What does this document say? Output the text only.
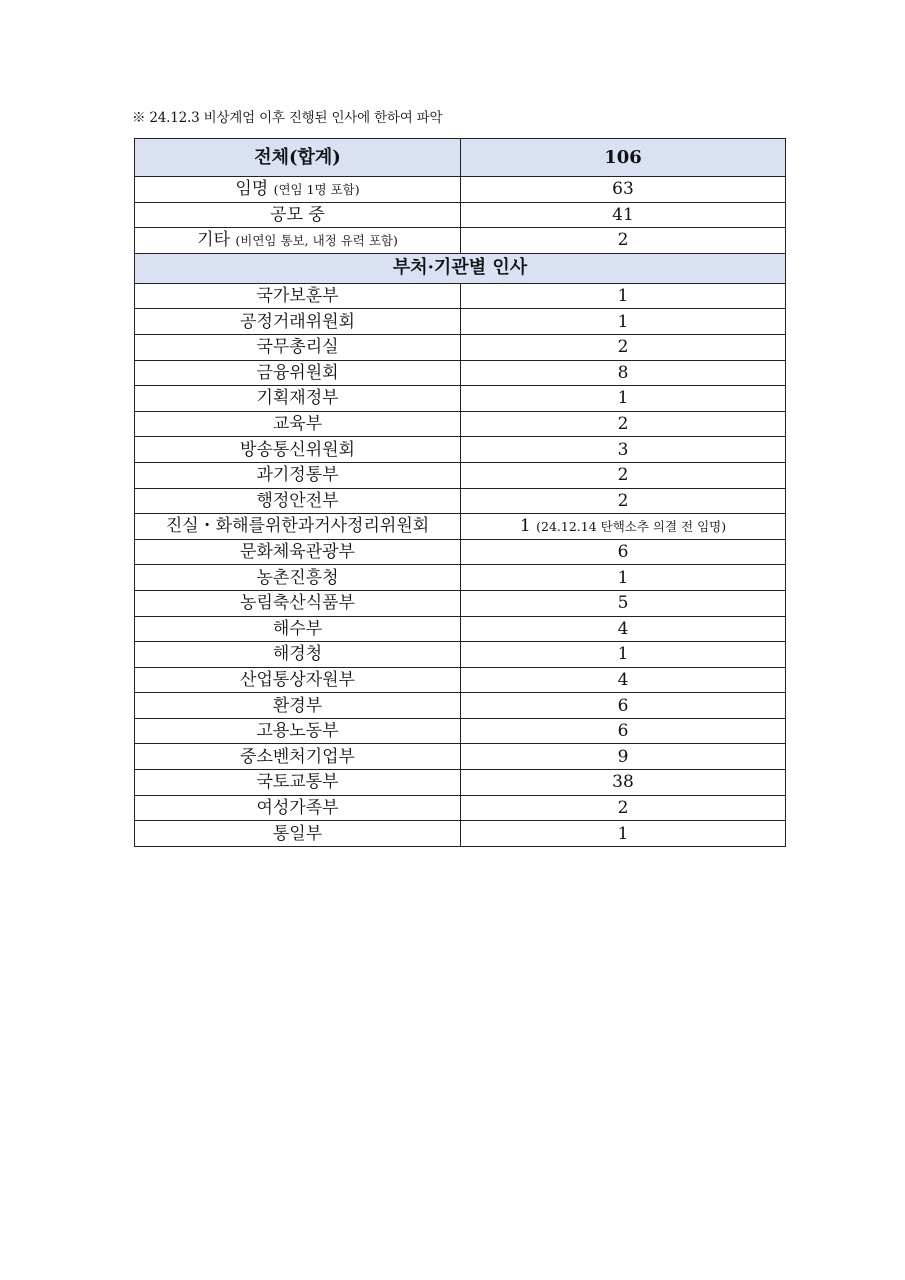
※ 24.12.3 비상계엄 이후 진행된 인사에 한하여 파악
전체(합계)	106
임명 (연임 1명 포함)	63
공모 중	41
기타 (비연임 통보, 내정 유력 포함)	2
부처·기관별 인사	
국가보훈부	1
공정거래위원회	1
국무총리실	2
금융위원회	8
기획재정부	1
교육부	2
방송통신위원회	3
과기정통부	2
행정안전부	2
진실・화해를위한과거사정리위원회	1 (24.12.14 탄핵소추 의결 전 임명)
문화체육관광부	6
농촌진흥청	1
농림축산식품부	5
해수부	4
해경청	1
산업통상자원부	4
환경부	6
고용노동부	6
중소벤처기업부	9
국토교통부	38
여성가족부	2
통일부	1
